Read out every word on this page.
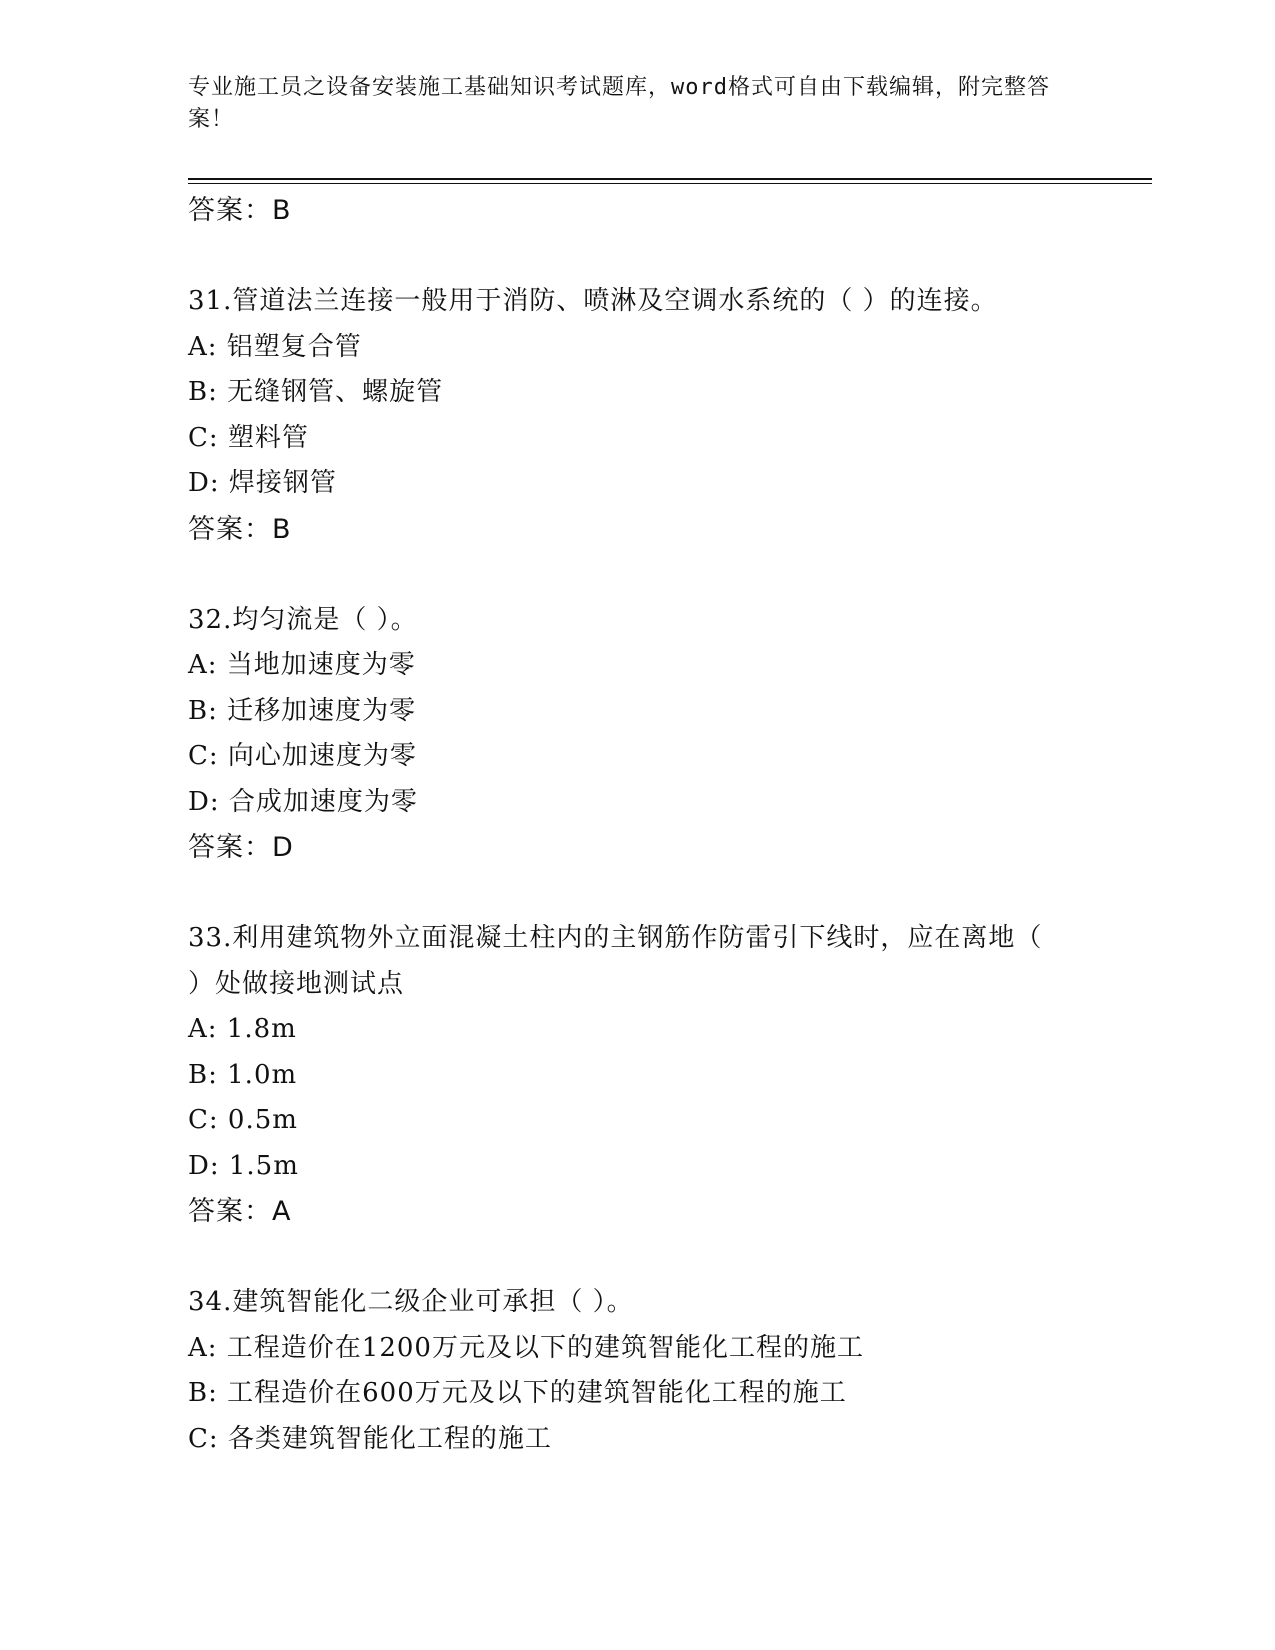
专业施工员之设备安装施工基础知识考试题库，word格式可自由下载编辑，附完整答案！
答案：B
31.管道法兰连接一般用于消防、喷淋及空调水系统的（ ）的连接。
A: 铝塑复合管
B: 无缝钢管、螺旋管
C: 塑料管
D: 焊接钢管
答案：B
32.均匀流是（ ）。
A: 当地加速度为零
B: 迁移加速度为零
C: 向心加速度为零
D: 合成加速度为零
答案：D
33.利用建筑物外立面混凝土柱内的主钢筋作防雷引下线时，应在离地（ ）处做接地测试点
A: 1.8m
B: 1.0m
C: 0.5m
D: 1.5m
答案：A
34.建筑智能化二级企业可承担（ ）。
A: 工程造价在1200万元及以下的建筑智能化工程的施工
B: 工程造价在600万元及以下的建筑智能化工程的施工
C: 各类建筑智能化工程的施工
